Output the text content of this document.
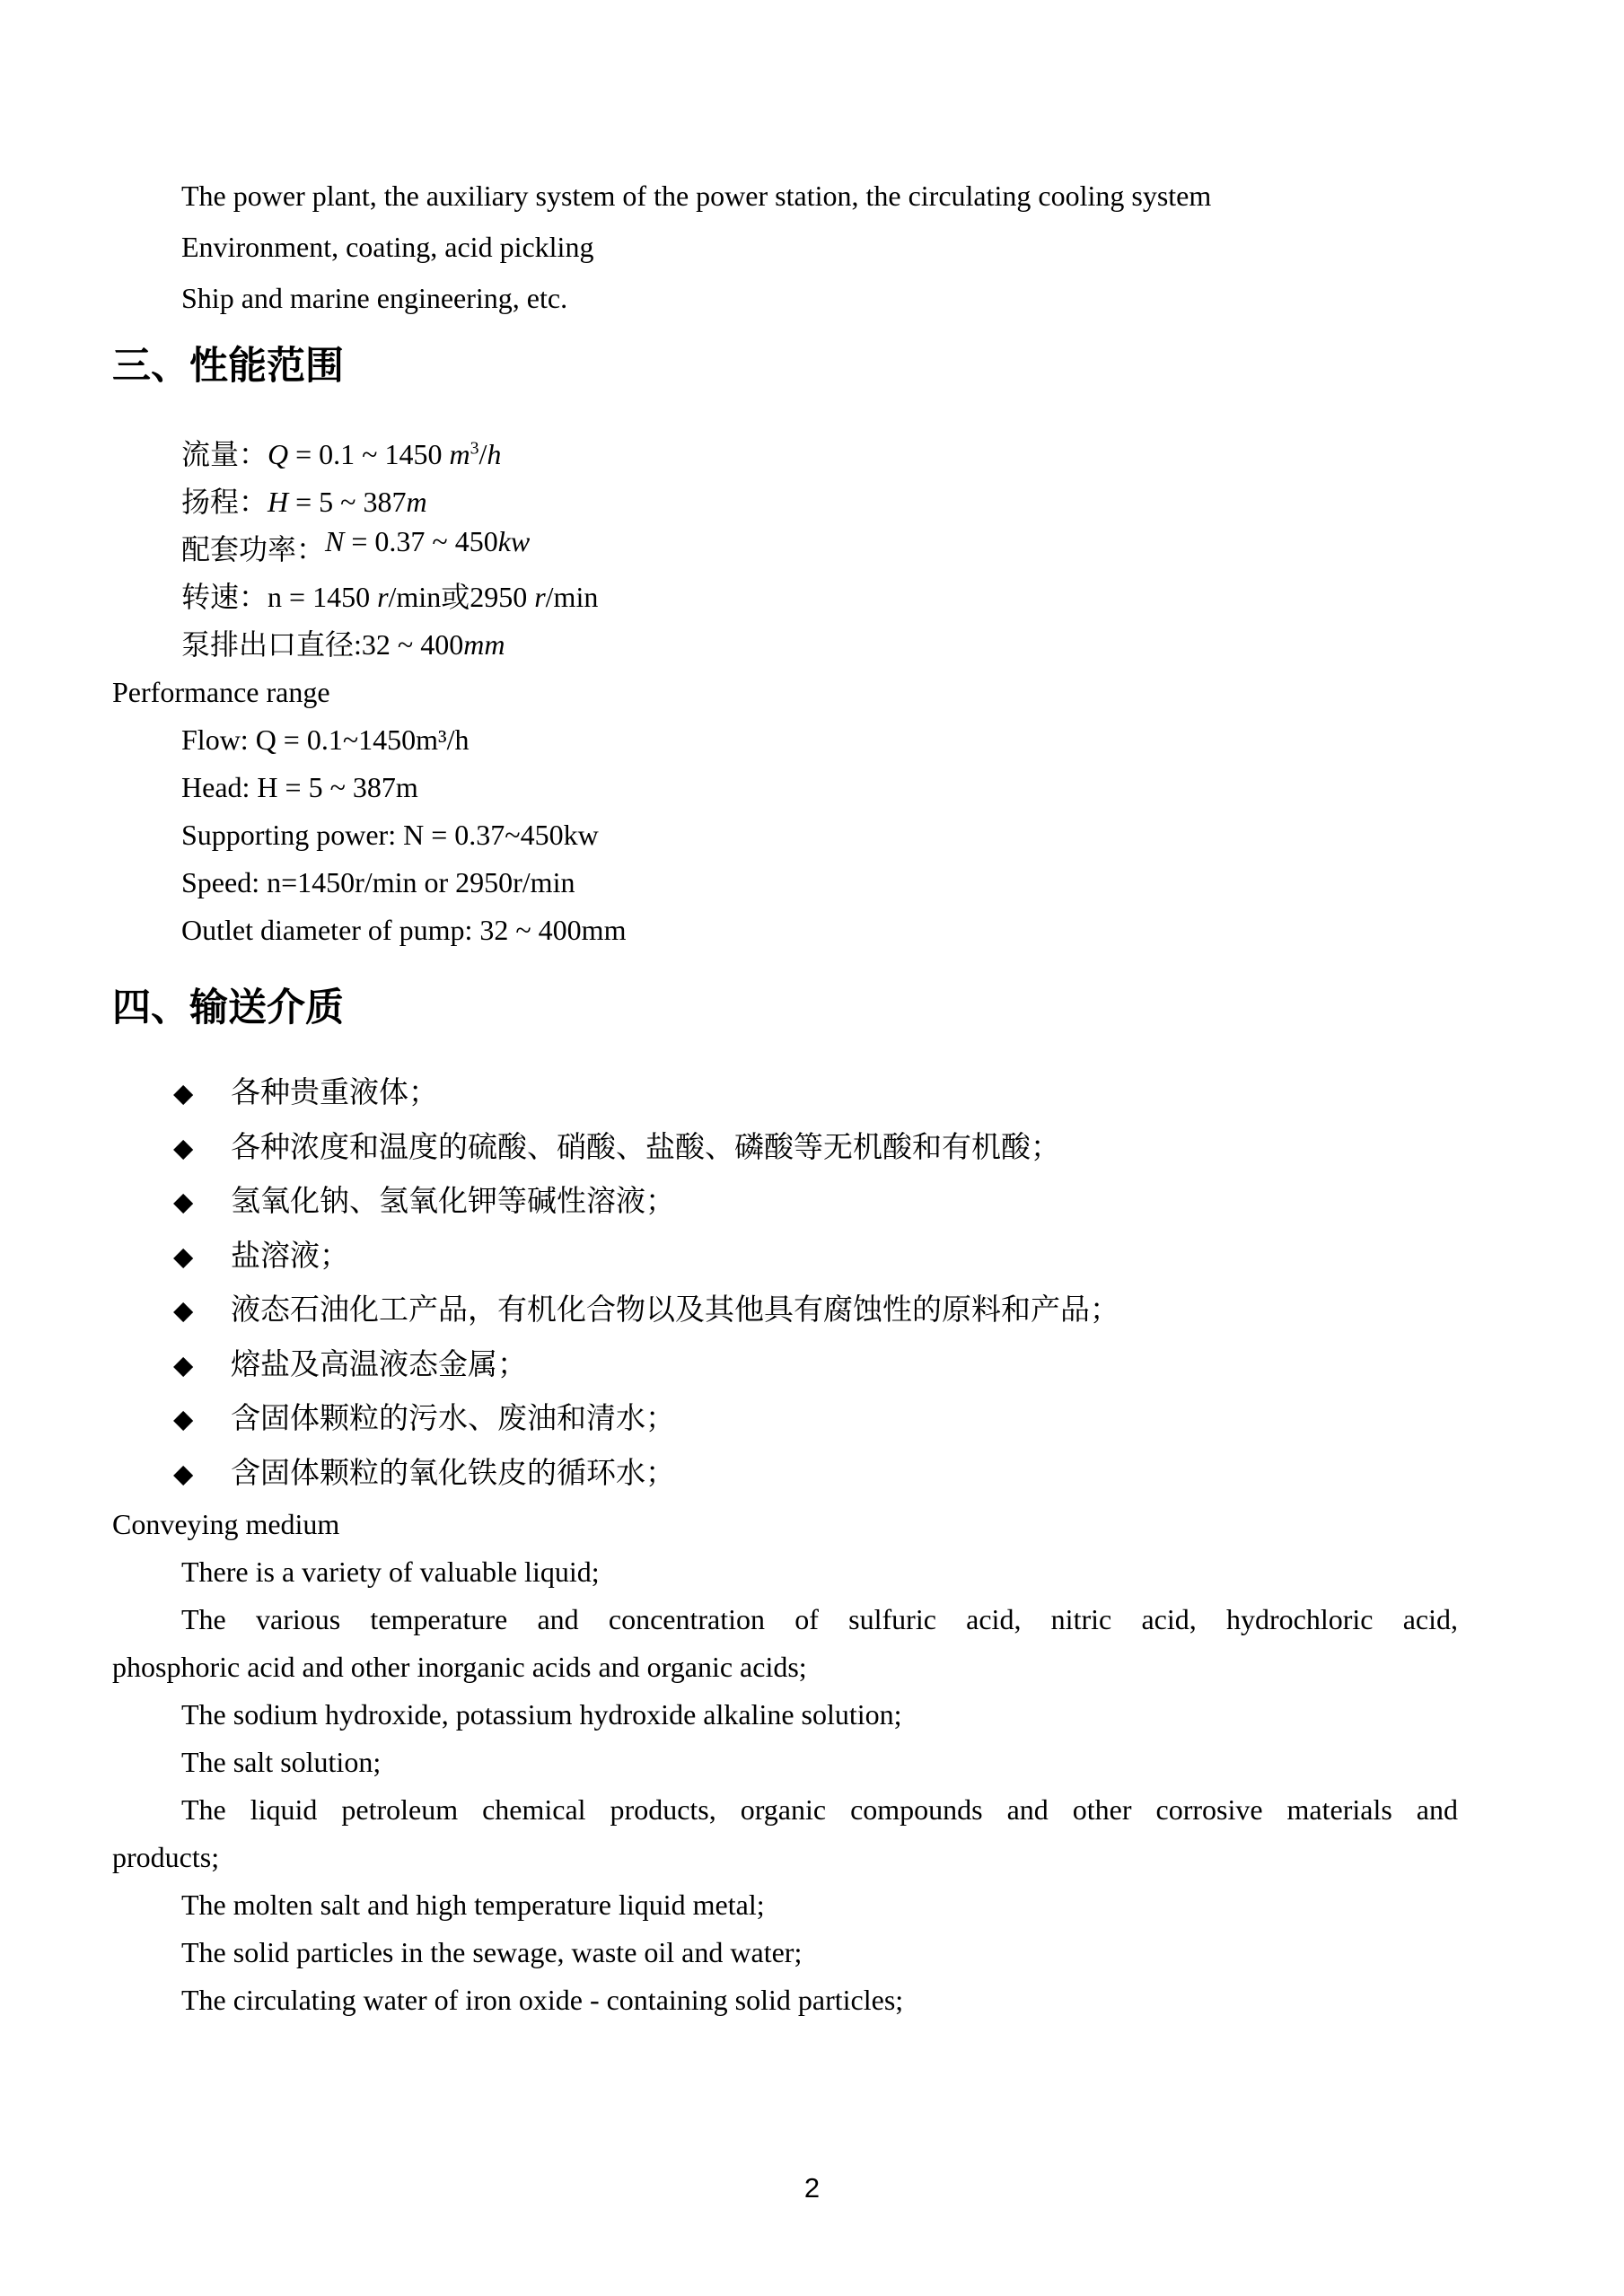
The power plant, the auxiliary system of the power station, the circulating cooling system
Environment, coating, acid pickling
Ship and marine engineering, etc.
三、性能范围
流量：Q = 0.1 ~ 1450 $m^3/h$
扬程：H = 5 ~ 387m
配套功率：N = 0.37 ~ 450kw
转速：n = 1450 r/min或2950 r/min
泵排出口直径:32 ~ 400mm
Performance range
Flow: Q = 0.1~1450m³/h
Head: H = 5 ~ 387m
Supporting power: N = 0.37~450kw
Speed: n=1450r/min or 2950r/min
Outlet diameter of pump: 32 ~ 400mm
四、输送介质
◆ 各种贵重液体；
◆ 各种浓度和温度的硫酸、硝酸、盐酸、磷酸等无机酸和有机酸；
◆ 氢氧化钠、氢氧化钾等碱性溶液；
◆ 盐溶液；
◆ 液态石油化工产品，有机化合物以及其他具有腐蚀性的原料和产品；
◆ 熔盐及高温液态金属；
◆ 含固体颗粒的污水、废油和清水；
◆ 含固体颗粒的氧化铁皮的循环水；
Conveying medium
There is a variety of valuable liquid;
The various temperature and concentration of sulfuric acid, nitric acid, hydrochloric acid,
phosphoric acid and other inorganic acids and organic acids;
The sodium hydroxide, potassium hydroxide alkaline solution;
The salt solution;
The liquid petroleum chemical products, organic compounds and other corrosive materials and
products;
The molten salt and high temperature liquid metal;
The solid particles in the sewage, waste oil and water;
The circulating water of iron oxide - containing solid particles;
2
